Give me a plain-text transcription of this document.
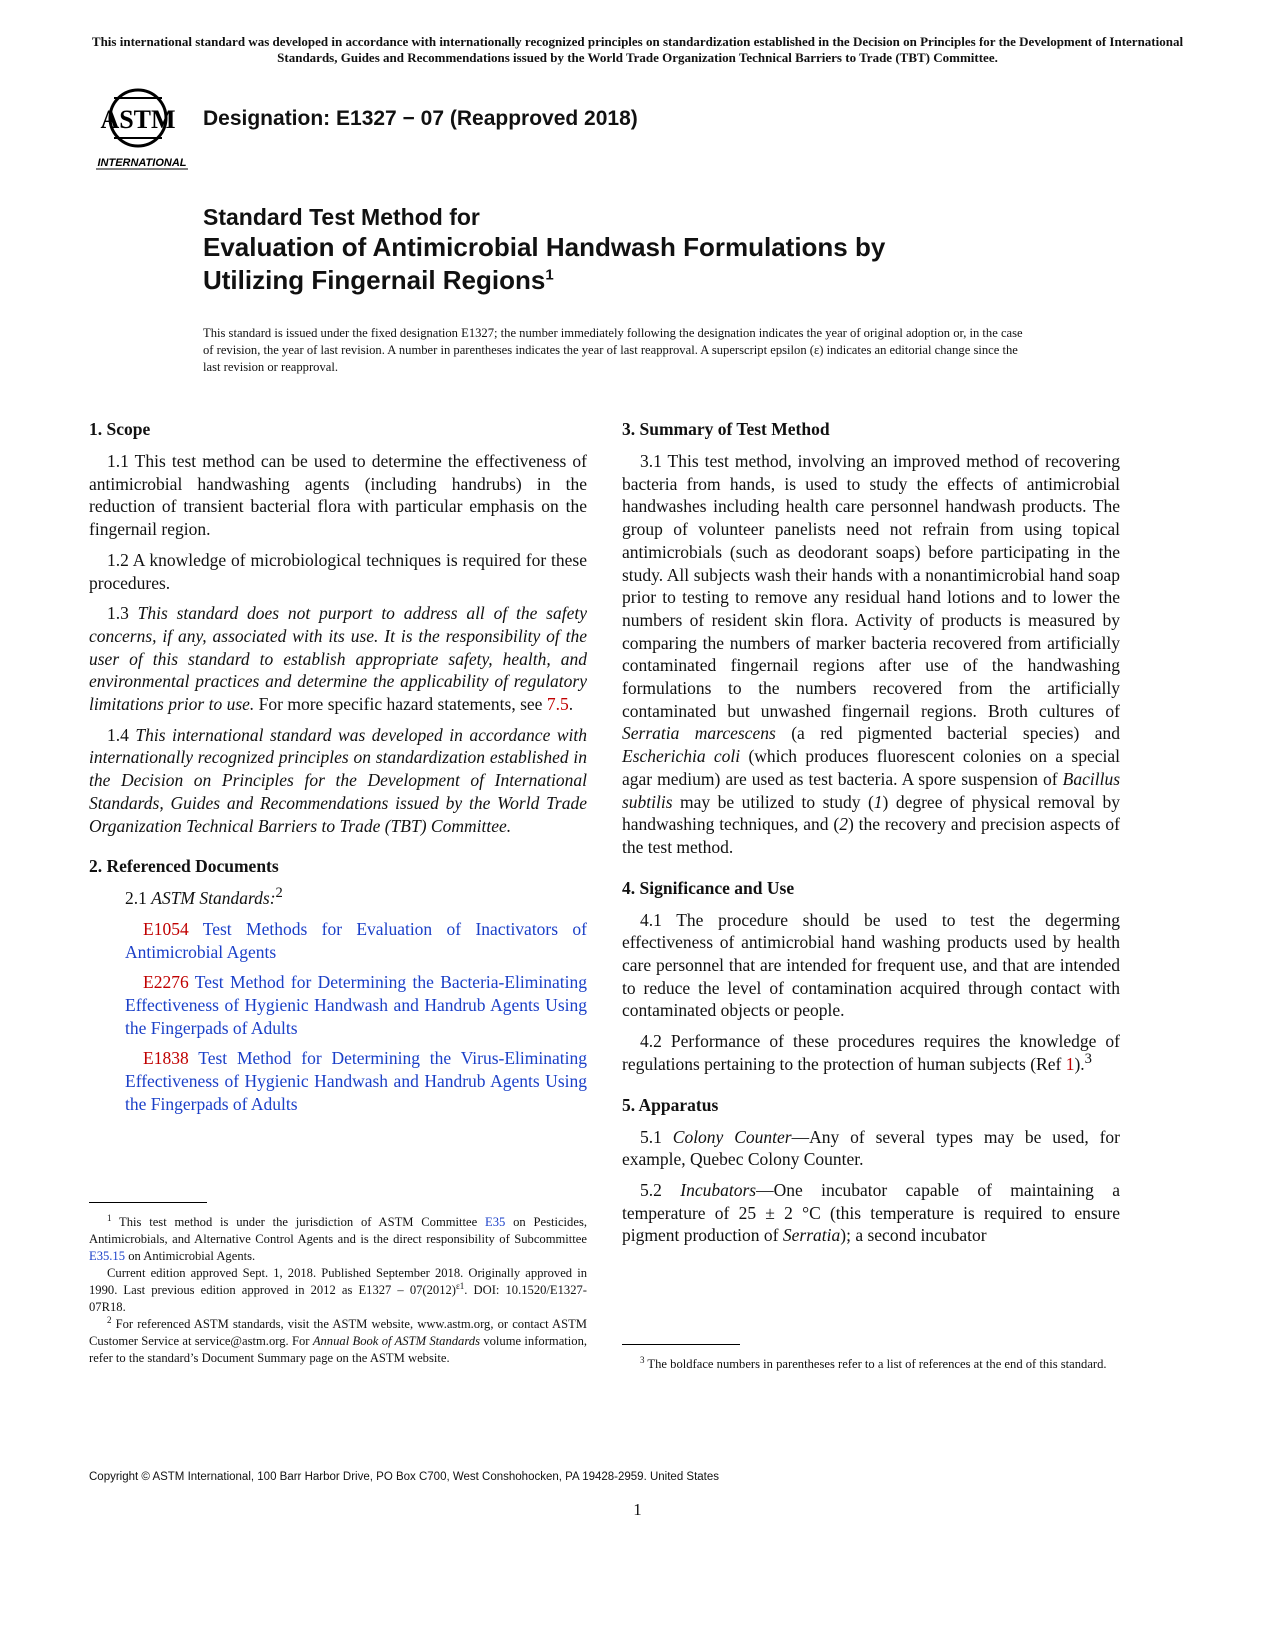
This international standard was developed in accordance with internationally recognized principles on standardization established in the Decision on Principles for the Development of International Standards, Guides and Recommendations issued by the World Trade Organization Technical Barriers to Trade (TBT) Committee.
ASTM
INTERNATIONAL
Designation: E1327 − 07 (Reapproved 2018)
Standard Test Method for
Evaluation of Antimicrobial Handwash Formulations by
Utilizing Fingernail Regions$^1$
This standard is issued under the fixed designation E1327; the number immediately following the designation indicates the year of original adoption or, in the case of revision, the year of last revision. A number in parentheses indicates the year of last reapproval. A superscript epsilon (ε) indicates an editorial change since the last revision or reapproval.
1. Scope

1.1 This test method can be used to determine the effectiveness of antimicrobial handwashing agents (including handrubs) in the reduction of transient bacterial flora with particular emphasis on the fingernail region.

1.2 A knowledge of microbiological techniques is required for these procedures.

1.3 This standard does not purport to address all of the safety concerns, if any, associated with its use. It is the responsibility of the user of this standard to establish appropriate safety, health, and environmental practices and determine the applicability of regulatory limitations prior to use. For more specific hazard statements, see 7.5.

1.4 This international standard was developed in accordance with internationally recognized principles on standardization established in the Decision on Principles for the Development of International Standards, Guides and Recommendations issued by the World Trade Organization Technical Barriers to Trade (TBT) Committee.

2. Referenced Documents

2.1 ASTM Standards:$^2$

E1054 Test Methods for Evaluation of Inactivators of Antimicrobial Agents

E2276 Test Method for Determining the Bacteria-Eliminating Effectiveness of Hygienic Handwash and Handrub Agents Using the Fingerpads of Adults

E1838 Test Method for Determining the Virus-Eliminating Effectiveness of Hygienic Handwash and Handrub Agents Using the Fingerpads of Adults

$^1$ This test method is under the jurisdiction of ASTM Committee E35 on Pesticides, Antimicrobials, and Alternative Control Agents and is the direct responsibility of Subcommittee E35.15 on Antimicrobial Agents.

Current edition approved Sept. 1, 2018. Published September 2018. Originally approved in 1990. Last previous edition approved in 2012 as $E1327 - 07(2012)^{\varepsilon 1}$. DOI: 10.1520/E1327-07R18.

$^2$ For referenced ASTM standards, visit the ASTM website, www.astm.org, or contact ASTM Customer Service at service@astm.org. For Annual Book of ASTM Standards volume information, refer to the standard’s Document Summary page on the ASTM website.

3. Summary of Test Method

3.1 This test method, involving an improved method of recovering bacteria from hands, is used to study the effects of antimicrobial handwashes including health care personnel handwash products. The group of volunteer panelists need not refrain from using topical antimicrobials (such as deodorant soaps) before participating in the study. All subjects wash their hands with a nonantimicrobial hand soap prior to testing to remove any residual hand lotions and to lower the numbers of resident skin flora. Activity of products is measured by comparing the numbers of marker bacteria recovered from artificially contaminated fingernail regions after use of the handwashing formulations to the numbers recovered from the artificially contaminated but unwashed fingernail regions. Broth cultures of Serratia marcescens (a red pigmented bacterial species) and Escherichia coli (which produces fluorescent colonies on a special agar medium) are used as test bacteria. A spore suspension of Bacillus subtilis may be utilized to study (1) degree of physical removal by handwashing techniques, and (2) the recovery and precision aspects of the test method.

4. Significance and Use

4.1 The procedure should be used to test the degerming effectiveness of antimicrobial hand washing products used by health care personnel that are intended for frequent use, and that are intended to reduce the level of contamination acquired through contact with contaminated objects or people.

4.2 Performance of these procedures requires the knowledge of regulations pertaining to the protection of human subjects (Ref 1).$^3$

5. Apparatus

5.1 Colony Counter—Any of several types may be used, for example, Quebec Colony Counter.

5.2 Incubators—One incubator capable of maintaining a temperature of 25 ± 2 °C (this temperature is required to ensure pigment production of Serratia); a second incubator

$^3$ The boldface numbers in parentheses refer to a list of references at the end of this standard.

Copyright © ASTM International, 100 Barr Harbor Drive, PO Box C700, West Conshohocken, PA 19428-2959. United States
1
